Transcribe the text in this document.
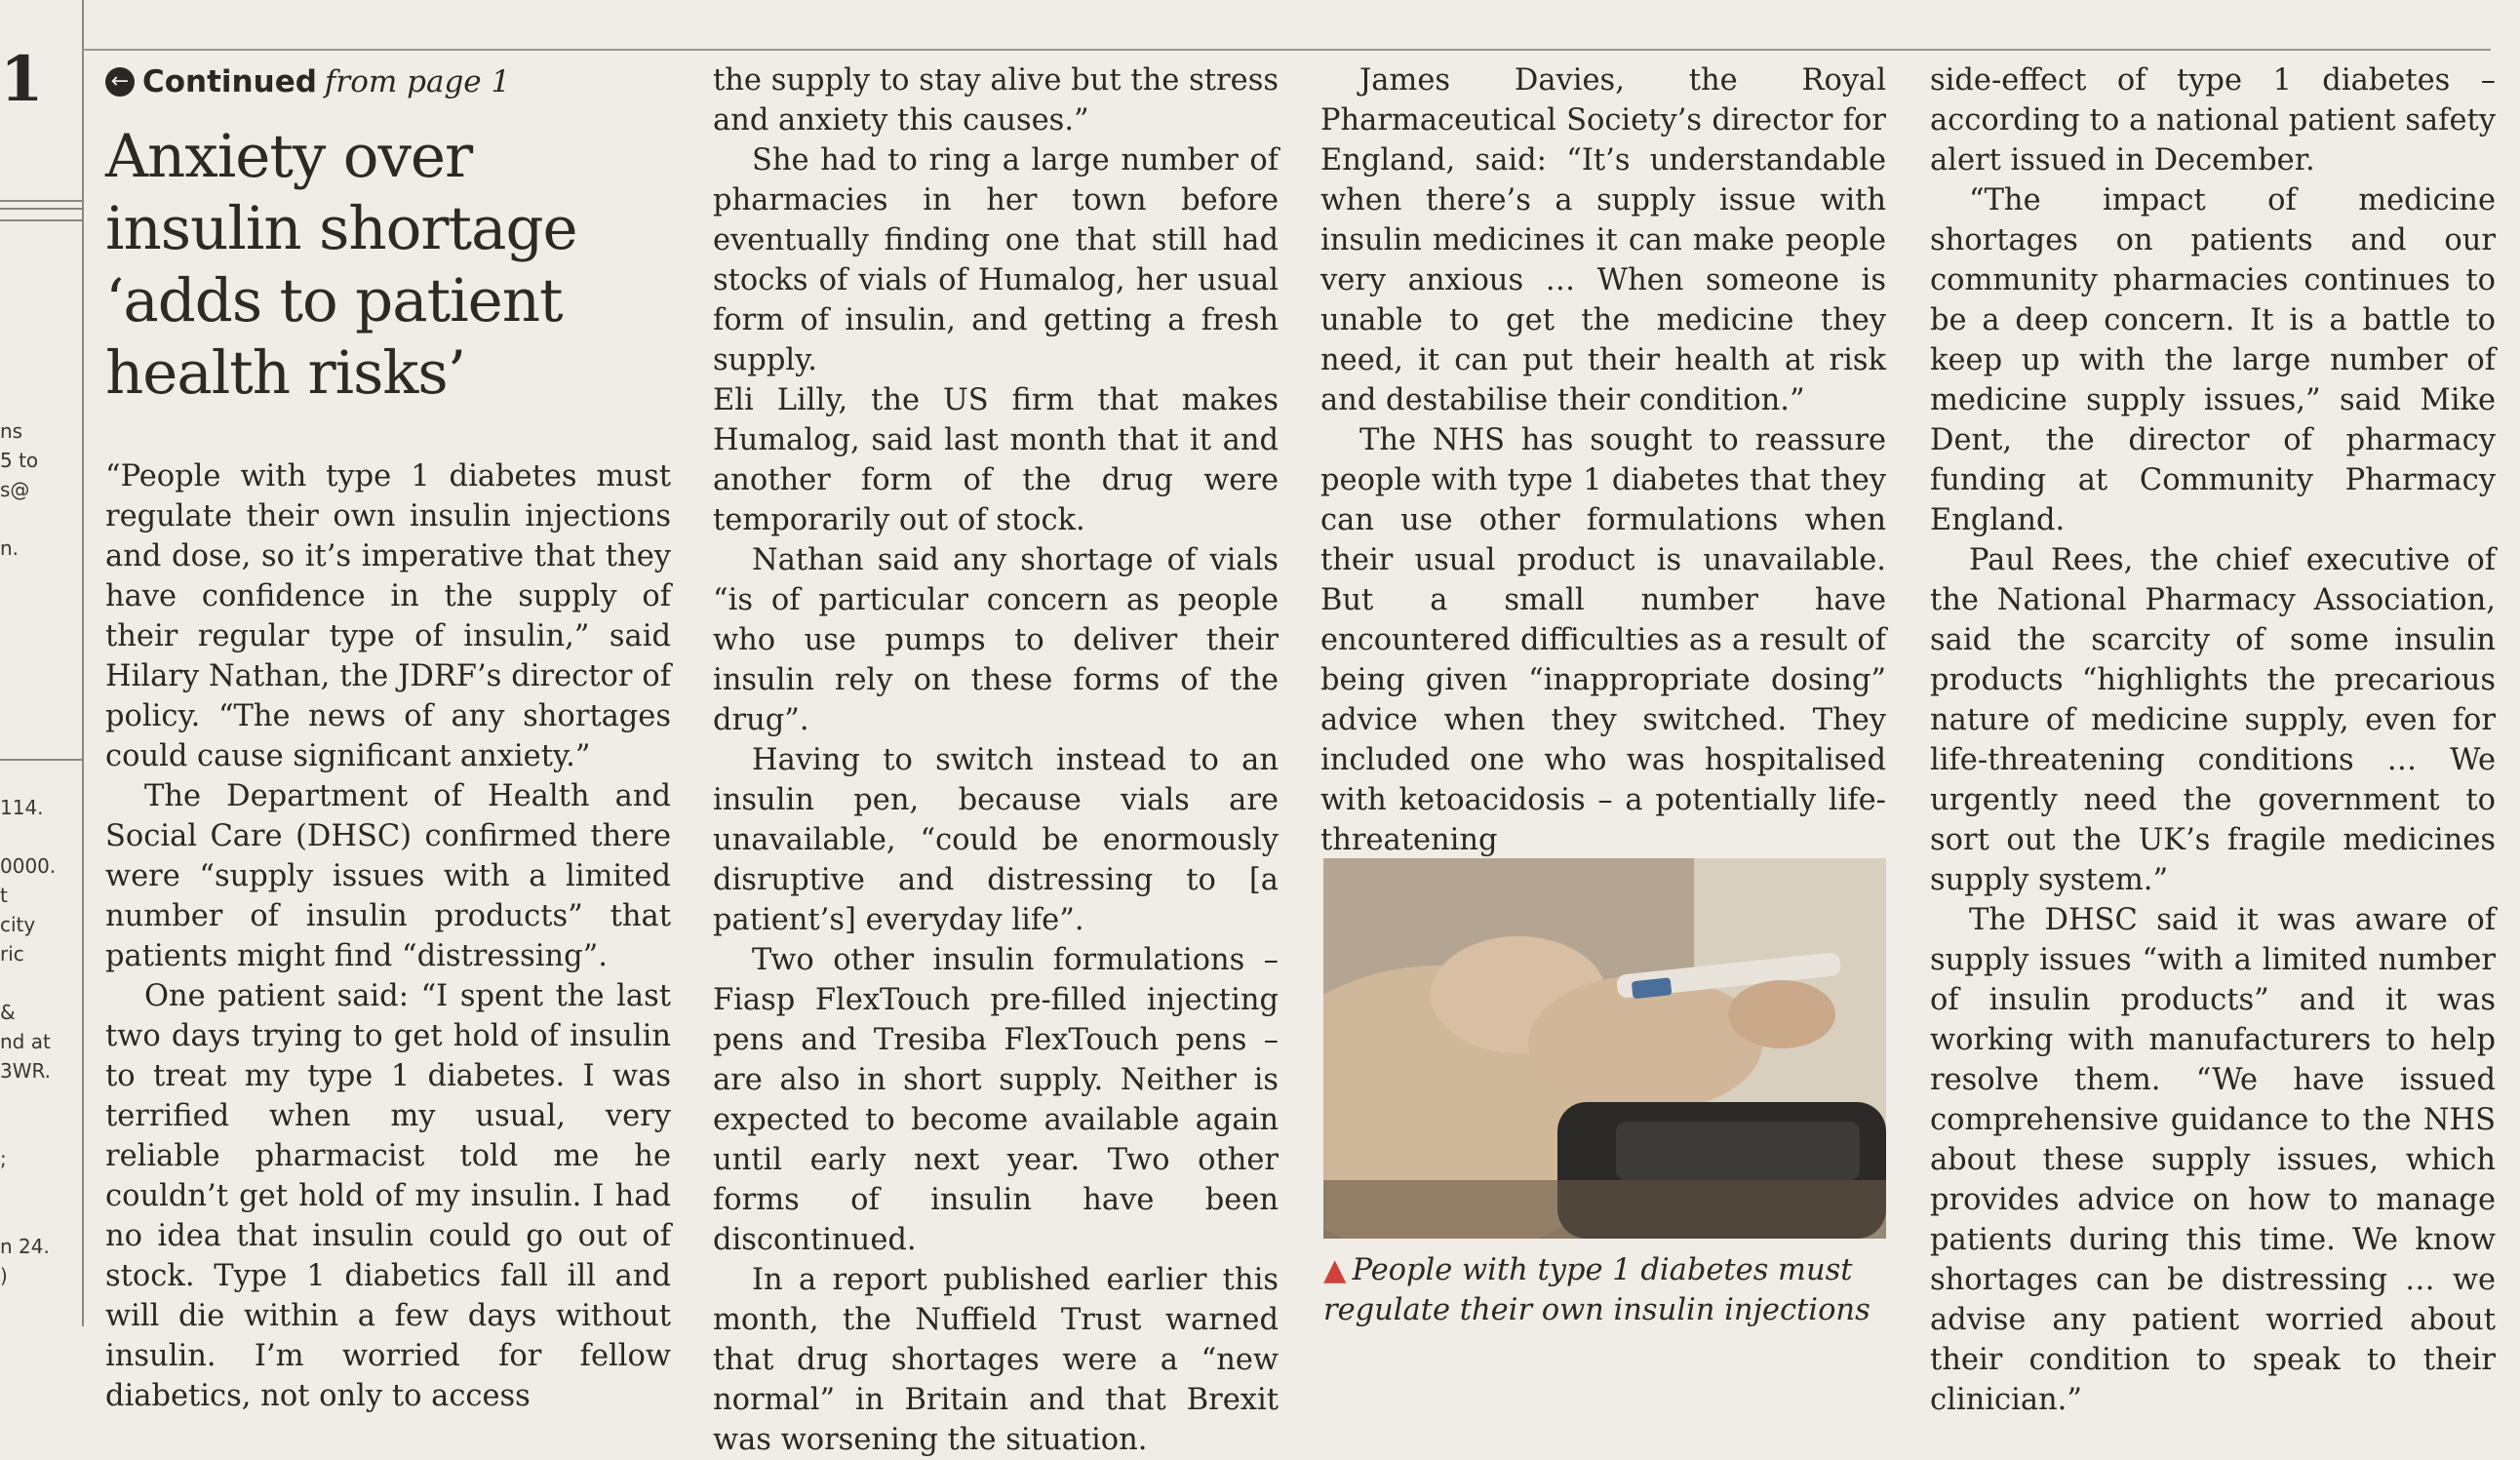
1
ns
5 to
s@
n.
114.
0000.
t
city
ric
&
nd at
3WR.
;
n 24.
)
← Continued from page 1
Anxiety over insulin shortage ‘adds to patient health risks’

“People with type 1 diabetes must regulate their own insulin injections and dose, so it’s imperative that they have confidence in the supply of their regular type of insulin,” said Hilary Nathan, the JDRF’s director of policy. “The news of any shortages could cause significant anxiety.”

The Department of Health and Social Care (DHSC) confirmed there were “supply issues with a limited number of insulin products” that patients might find “distressing”.

One patient said: “I spent the last two days trying to get hold of insulin to treat my type 1 diabetes. I was terrified when my usual, very reliable pharmacist told me he couldn’t get hold of my insulin. I had no idea that insulin could go out of stock. Type 1 diabetics fall ill and will die within a few days without insulin. I’m worried for fellow diabetics, not only to access

the supply to stay alive but the stress and anxiety this causes.”

She had to ring a large number of pharmacies in her town before eventually finding one that still had stocks of vials of Humalog, her usual form of insulin, and getting a fresh supply.

Eli Lilly, the US firm that makes Humalog, said last month that it and another form of the drug were temporarily out of stock.

Nathan said any shortage of vials “is of particular concern as people who use pumps to deliver their insulin rely on these forms of the drug”.

Having to switch instead to an insulin pen, because vials are unavailable, “could be enormously disruptive and distressing to [a patient’s] everyday life”.

Two other insulin formulations – Fiasp FlexTouch pre-filled injecting pens and Tresiba FlexTouch pens – are also in short supply. Neither is expected to become available again until early next year. Two other forms of insulin have been discontinued.

In a report published earlier this month, the Nuffield Trust warned that drug shortages were a “new normal” in Britain and that Brexit was worsening the situation.

James Davies, the Royal Pharmaceutical Society’s director for England, said: “It’s understandable when there’s a supply issue with insulin medicines it can make people very anxious … When someone is unable to get the medicine they need, it can put their health at risk and destabilise their condition.”

The NHS has sought to reassure people with type 1 diabetes that they can use other formulations when their usual product is unavailable. But a small number have encountered difficulties as a result of being given “inappropriate dosing” advice when they switched. They included one who was hospitalised with ketoacidosis – a potentially life-threatening

▲ People with type 1 diabetes must regulate their own insulin injections

side-effect of type 1 diabetes – according to a national patient safety alert issued in December.

“The impact of medicine shortages on patients and our community pharmacies continues to be a deep concern. It is a battle to keep up with the large number of medicine supply issues,” said Mike Dent, the director of pharmacy funding at Community Pharmacy England.

Paul Rees, the chief executive of the National Pharmacy Association, said the scarcity of some insulin products “highlights the precarious nature of medicine supply, even for life-threatening conditions … We urgently need the government to sort out the UK’s fragile medicines supply system.”

The DHSC said it was aware of supply issues “with a limited number of insulin products” and it was working with manufacturers to help resolve them. “We have issued comprehensive guidance to the NHS about these supply issues, which provides advice on how to manage patients during this time. We know shortages can be distressing … we advise any patient worried about their condition to speak to their clinician.”
